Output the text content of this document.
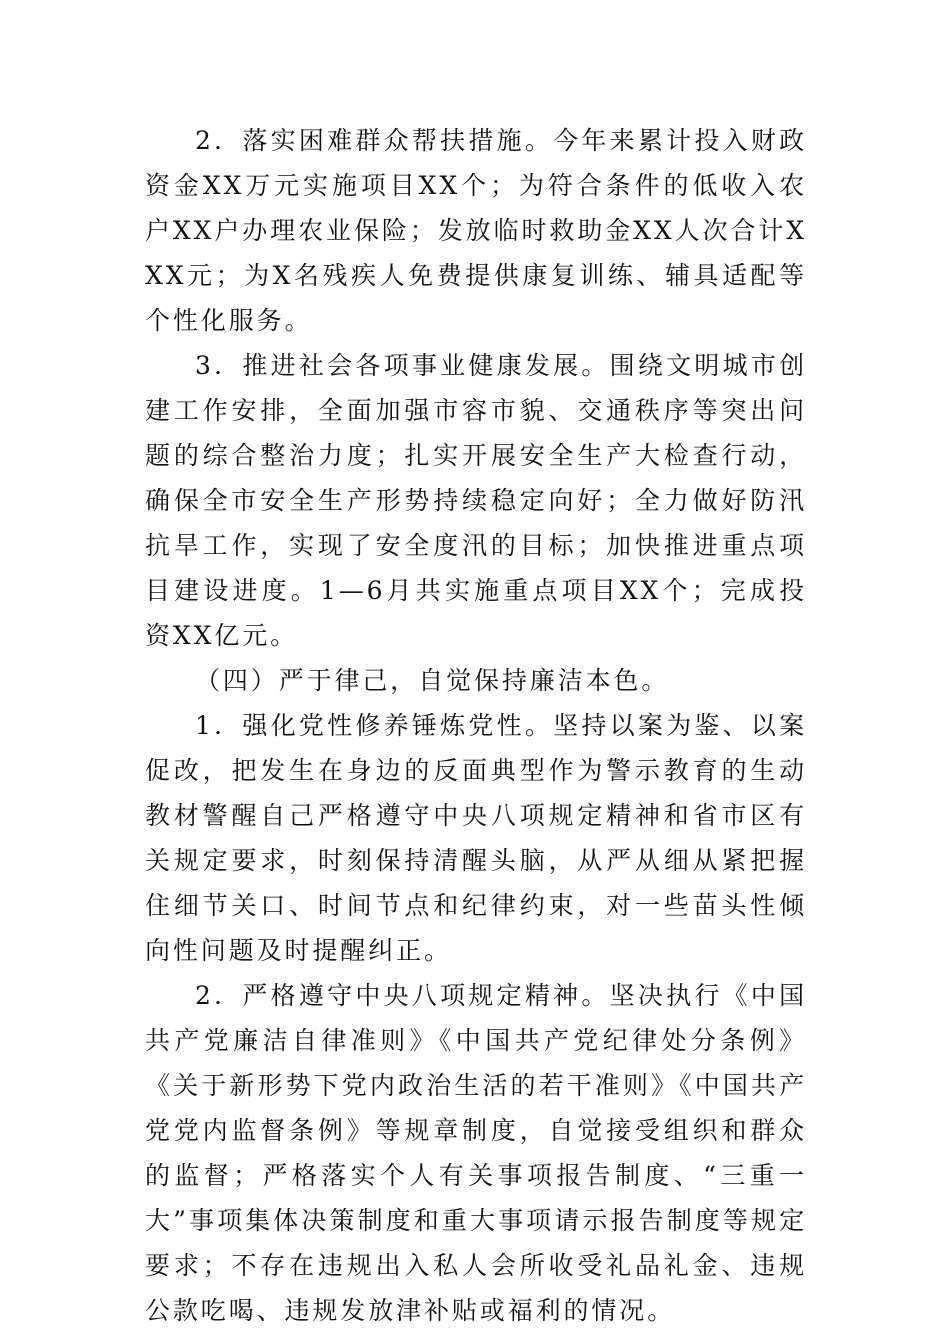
2．落实困难群众帮扶措施。今年来累计投入财政资金XX万元实施项目XX个；为符合条件的低收入农户XX户办理农业保险；发放临时救助金XX人次合计XXX元；为X名残疾人免费提供康复训练、辅具适配等个性化服务。

3．推进社会各项事业健康发展。围绕文明城市创建工作安排，全面加强市容市貌、交通秩序等突出问题的综合整治力度；扎实开展安全生产大检查行动，确保全市安全生产形势持续稳定向好；全力做好防汛抗旱工作，实现了安全度汛的目标；加快推进重点项目建设进度。1—6月共实施重点项目XX个；完成投资XX亿元。

（四）严于律己，自觉保持廉洁本色。

1．强化党性修养锤炼党性。坚持以案为鉴、以案促改，把发生在身边的反面典型作为警示教育的生动教材警醒自己严格遵守中央八项规定精神和省市区有关规定要求，时刻保持清醒头脑，从严从细从紧把握住细节关口、时间节点和纪律约束，对一些苗头性倾向性问题及时提醒纠正。

2．严格遵守中央八项规定精神。坚决执行《中国共产党廉洁自律准则》《中国共产党纪律处分条例》《关于新形势下党内政治生活的若干准则》《中国共产党党内监督条例》等规章制度，自觉接受组织和群众的监督；严格落实个人有关事项报告制度、“三重一大”事项集体决策制度和重大事项请示报告制度等规定要求；不存在违规出入私人会所收受礼品礼金、违规公款吃喝、违规发放津补贴或福利的情况。
